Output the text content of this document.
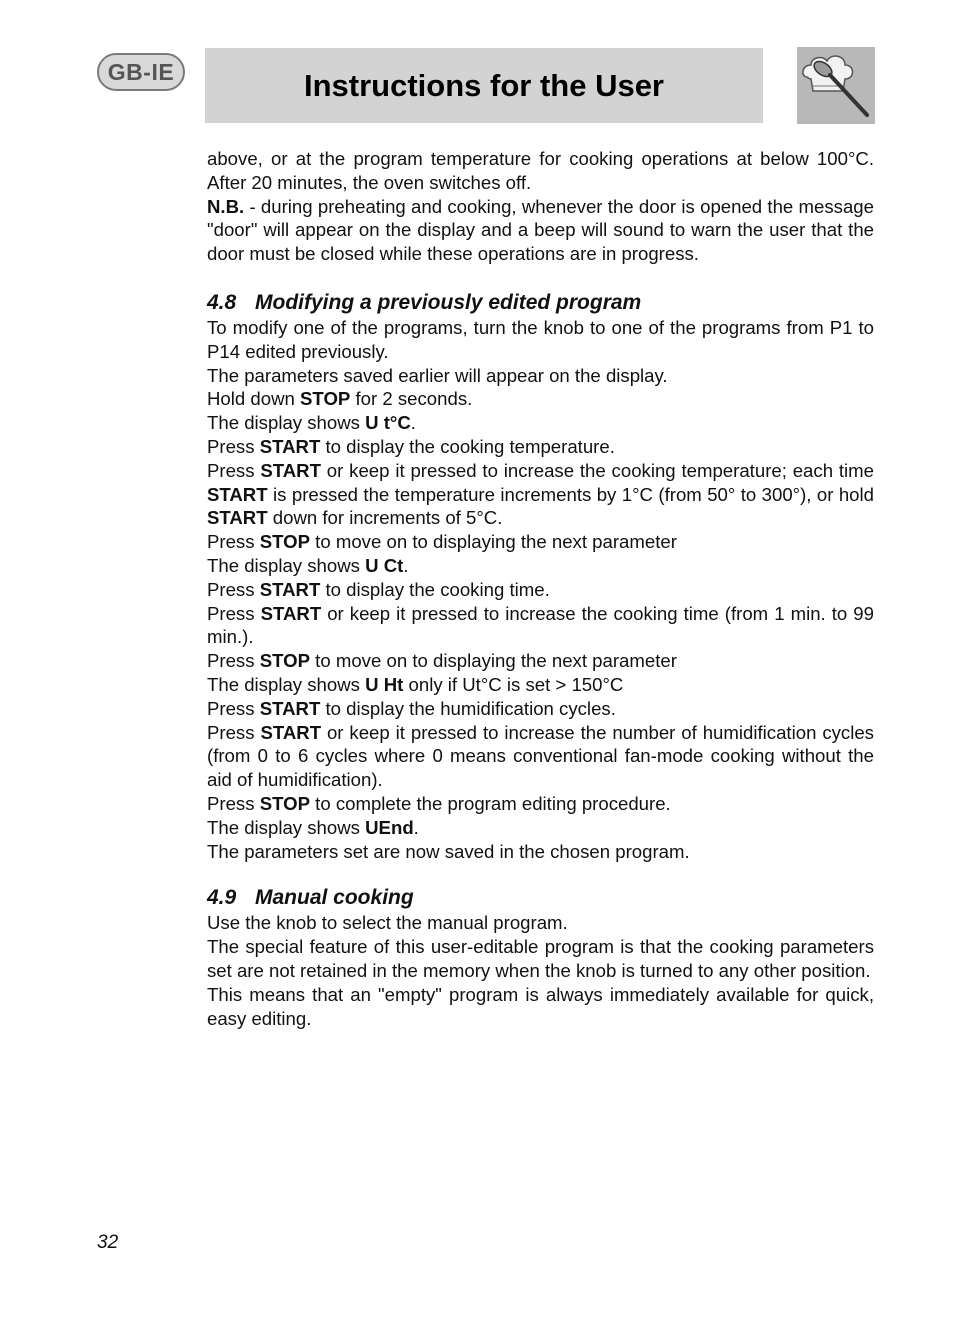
GB-IE	Instructions for the User

above, or at the program temperature for cooking operations at below 100°C. After 20 minutes, the oven switches off.

N.B. - during preheating and cooking, whenever the door is opened the message "door" will appear on the display and a beep will sound to warn the user that the door must be closed while these operations are in progress.

4.8 Modifying a previously edited program

To modify one of the programs, turn the knob to one of the programs from P1 to P14 edited previously.

The parameters saved earlier will appear on the display.

Hold down STOP for 2 seconds.

The display shows U t°C.

Press START to display the cooking temperature.

Press START or keep it pressed to increase the cooking temperature; each time START is pressed the temperature increments by 1°C (from 50° to 300°), or hold START down for increments of 5°C.

Press STOP to move on to displaying the next parameter

The display shows U Ct.

Press START to display the cooking time.

Press START or keep it pressed to increase the cooking time (from 1 min. to 99 min.).

Press STOP to move on to displaying the next parameter

The display shows U Ht only if Ut°C is set > 150°C

Press START to display the humidification cycles.

Press START or keep it pressed to increase the number of humidification cycles (from 0 to 6 cycles where 0 means conventional fan-mode cooking without the aid of humidification).

Press STOP to complete the program editing procedure.

The display shows UEnd.

The parameters set are now saved in the chosen program.

4.9 Manual cooking

Use the knob to select the manual program.

The special feature of this user-editable program is that the cooking parameters set are not retained in the memory when the knob is turned to any other position.

This means that an "empty" program is always immediately available for quick, easy editing.

32
